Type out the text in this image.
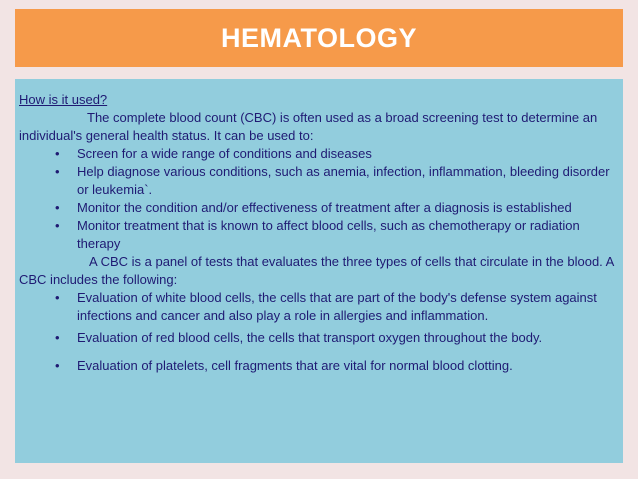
HEMATOLOGY
How is it used?

The complete blood count (CBC) is often used as a broad screening test to determine an individual's general health status. It can be used to:

• Screen for a wide range of conditions and diseases
• Help diagnose various conditions, such as anemia, infection, inflammation, bleeding disorder or leukemia`.
• Monitor the condition and/or effectiveness of treatment after a diagnosis is established
• Monitor treatment that is known to affect blood cells, such as chemotherapy or radiation therapy

A CBC is a panel of tests that evaluates the three types of cells that circulate in the blood. A CBC includes the following:

• Evaluation of white blood cells, the cells that are part of the body's defense system against infections and cancer and also play a role in allergies and inflammation.
• Evaluation of red blood cells, the cells that transport oxygen throughout the body.
• Evaluation of platelets, cell fragments that are vital for normal blood clotting.
